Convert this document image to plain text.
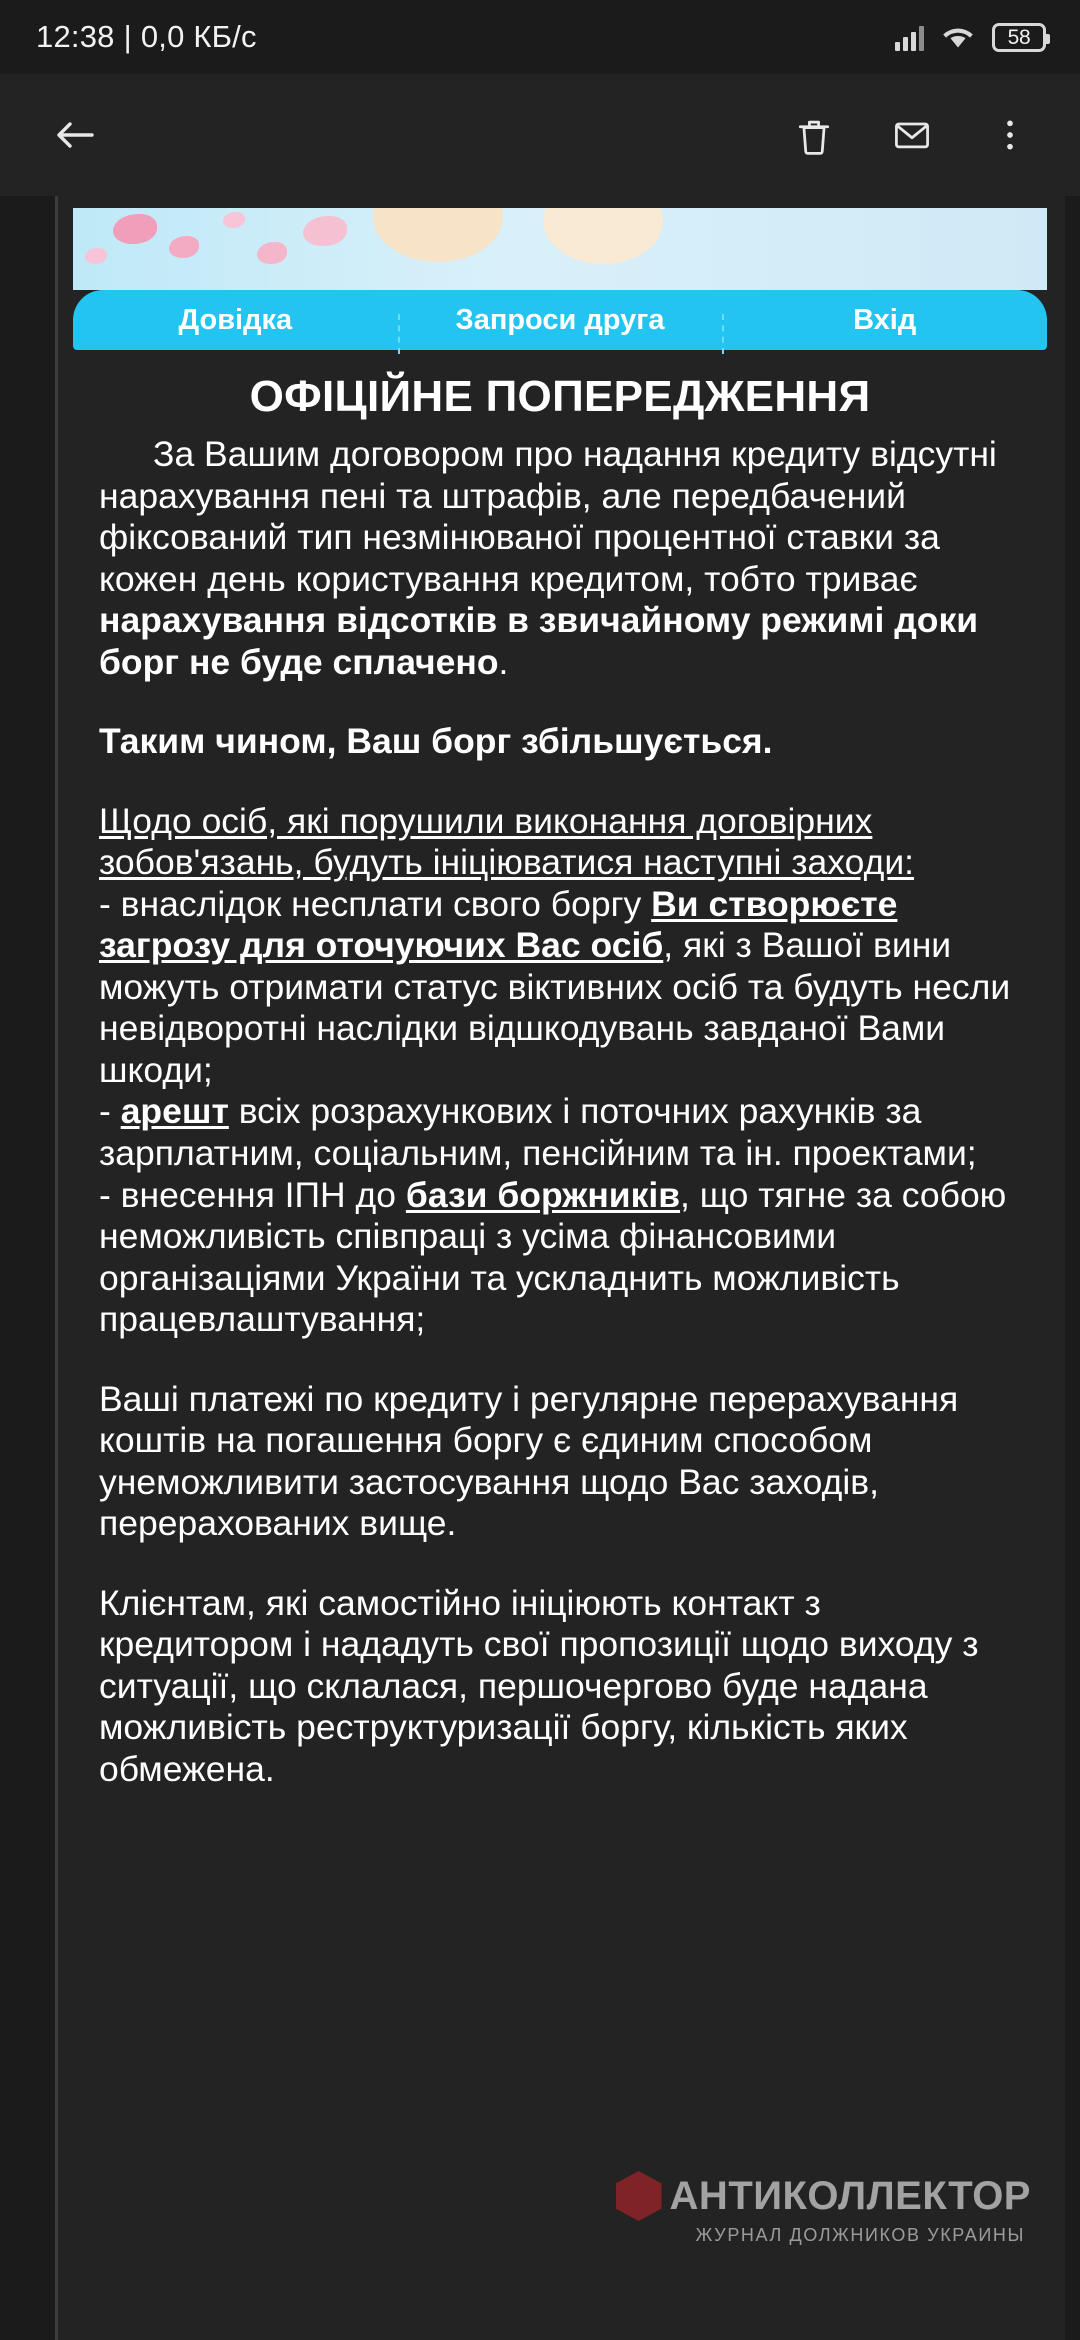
12:38 | 0,0 КБ/с	58
Довідка	Запроси друга	Вхід
ОФІЦІЙНЕ ПОПЕРЕДЖЕННЯ

За Вашим договором про надання кредиту відсутні нарахування пені та штрафів, але передбачений фіксований тип незмінюваної процентної ставки за кожен день користування кредитом, тобто триває нарахування відсотків в звичайному режимі доки борг не буде сплачено.

Таким чином, Ваш борг збільшується.

Щодо осіб, які порушили виконання договірних зобов'язань, будуть ініціюватися наступні заходи:

- внаслідок несплати свого боргу Ви створюєте загрозу для оточуючих Вас осіб, які з Вашої вини можуть отримати статус віктивних осіб та будуть несли невідворотні наслідки відшкодувань завданої Вами шкоди;

- арешт всіх розрахункових і поточних рахунків за зарплатним, соціальним, пенсійним та ін. проектами;

- внесення ІПН до бази боржників, що тягне за собою неможливість співпраці з усіма фінансовими організаціями України та ускладнить можливість працевлаштування;

Ваші платежі по кредиту і регулярне перерахування коштів на погашення боргу є єдиним способом унеможливити застосування щодо Вас заходів, перерахованих вище.

Клієнтам, які самостійно ініціюють контакт з кредитором і нададуть свої пропозиції щодо виходу з ситуації, що склалася, першочергово буде надана можливість реструктуризації боргу, кількість яких обмежена.

АНТИКОЛЛЕКТОР
ЖУРНАЛ ДОЛЖНИКОВ УКРАИНЫ
